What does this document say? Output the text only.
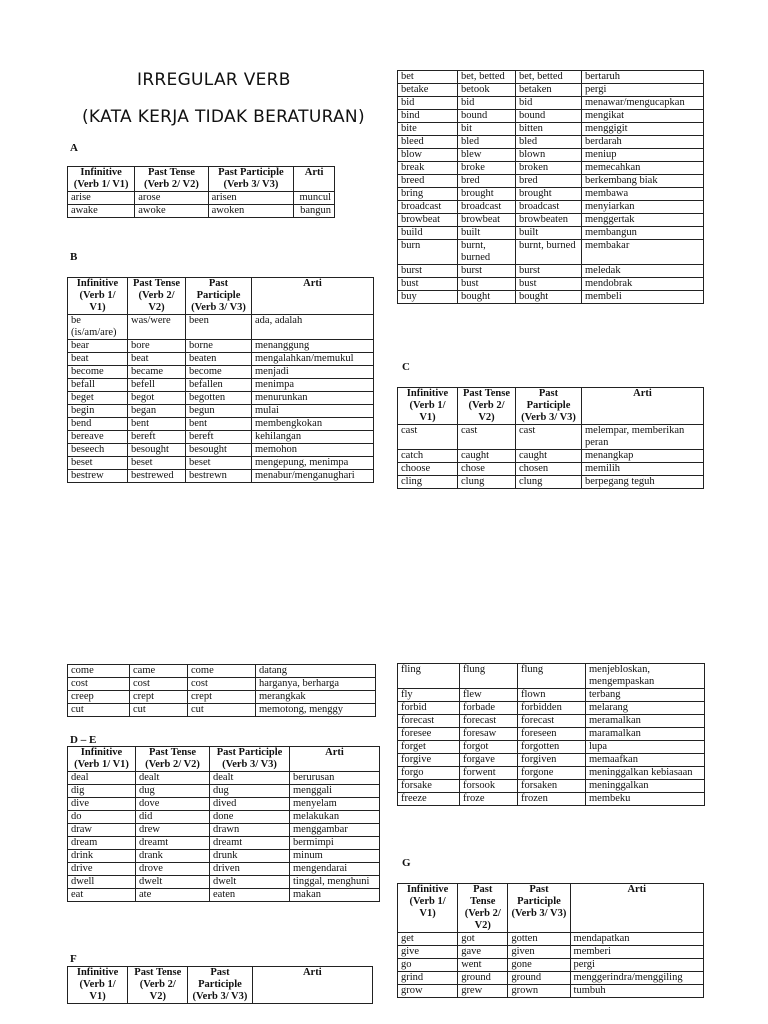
IRREGULAR VERB
(KATA KERJA TIDAK BERATURAN)
A
B
C
D – E
F
G
Infinitive (Verb 1/ V1)	Past Tense (Verb 2/ V2)	Past Participle (Verb 3/ V3)	Arti
arise	arose	arisen	muncul
awake	awoke	awoken	bangun
Infinitive (Verb 1/ V1)	Past Tense (Verb 2/ V2)	Past Participle (Verb 3/ V3)	Arti
be (is/am/are)	was/were	been	ada, adalah
bear	bore	borne	menanggung
beat	beat	beaten	mengalahkan/memukul
become	became	become	menjadi
befall	befell	befallen	menimpa
beget	begot	begotten	menurunkan
begin	began	begun	mulai
bend	bent	bent	membengkokan
bereave	bereft	bereft	kehilangan
beseech	besought	besought	memohon
beset	beset	beset	mengepung, menimpa
bestrew	bestrewed	bestrewn	menabur/menganughari
bet	bet, betted	bet, betted	bertaruh
betake	betook	betaken	pergi
bid	bid	bid	menawar/mengucapkan
bind	bound	bound	mengikat
bite	bit	bitten	menggigit
bleed	bled	bled	berdarah
blow	blew	blown	meniup
break	broke	broken	memecahkan
breed	bred	bred	berkembang biak
bring	brought	brought	membawa
broadcast	broadcast	broadcast	menyiarkan
browbeat	browbeat	browbeaten	menggertak
build	built	built	membangun
burn	burnt, burned	burnt, burned	membakar
burst	burst	burst	meledak
bust	bust	bust	mendobrak
buy	bought	bought	membeli
Infinitive (Verb 1/ V1)	Past Tense (Verb 2/ V2)	Past Participle (Verb 3/ V3)	Arti
cast	cast	cast	melempar, memberikan peran
catch	caught	caught	menangkap
choose	chose	chosen	memilih
cling	clung	clung	berpegang teguh
come	came	come	datang
cost	cost	cost	harganya, berharga
creep	crept	crept	merangkak
cut	cut	cut	memotong, menggy
Infinitive (Verb 1/ V1)	Past Tense (Verb 2/ V2)	Past Participle (Verb 3/ V3)	Arti
deal	dealt	dealt	berurusan
dig	dug	dug	menggali
dive	dove	dived	menyelam
do	did	done	melakukan
draw	drew	drawn	menggambar
dream	dreamt	dreamt	bermimpi
drink	drank	drunk	minum
drive	drove	driven	mengendarai
dwell	dwelt	dwelt	tinggal, menghuni
eat	ate	eaten	makan
Infinitive (Verb 1/ V1)	Past Tense (Verb 2/ V2)	Past Participle (Verb 3/ V3)	Arti
fling	flung	flung	menjebloskan, mengempaskan
fly	flew	flown	terbang
forbid	forbade	forbidden	melarang
forecast	forecast	forecast	meramalkan
foresee	foresaw	foreseen	maramalkan
forget	forgot	forgotten	lupa
forgive	forgave	forgiven	memaafkan
forgo	forwent	forgone	meninggalkan kebiasaan
forsake	forsook	forsaken	meninggalkan
freeze	froze	frozen	membeku
Infinitive (Verb 1/ V1)	Past Tense (Verb 2/ V2)	Past Participle (Verb 3/ V3)	Arti
get	got	gotten	mendapatkan
give	gave	given	memberi
go	went	gone	pergi
grind	ground	ground	menggerindra/menggiling
grow	grew	grown	tumbuh
